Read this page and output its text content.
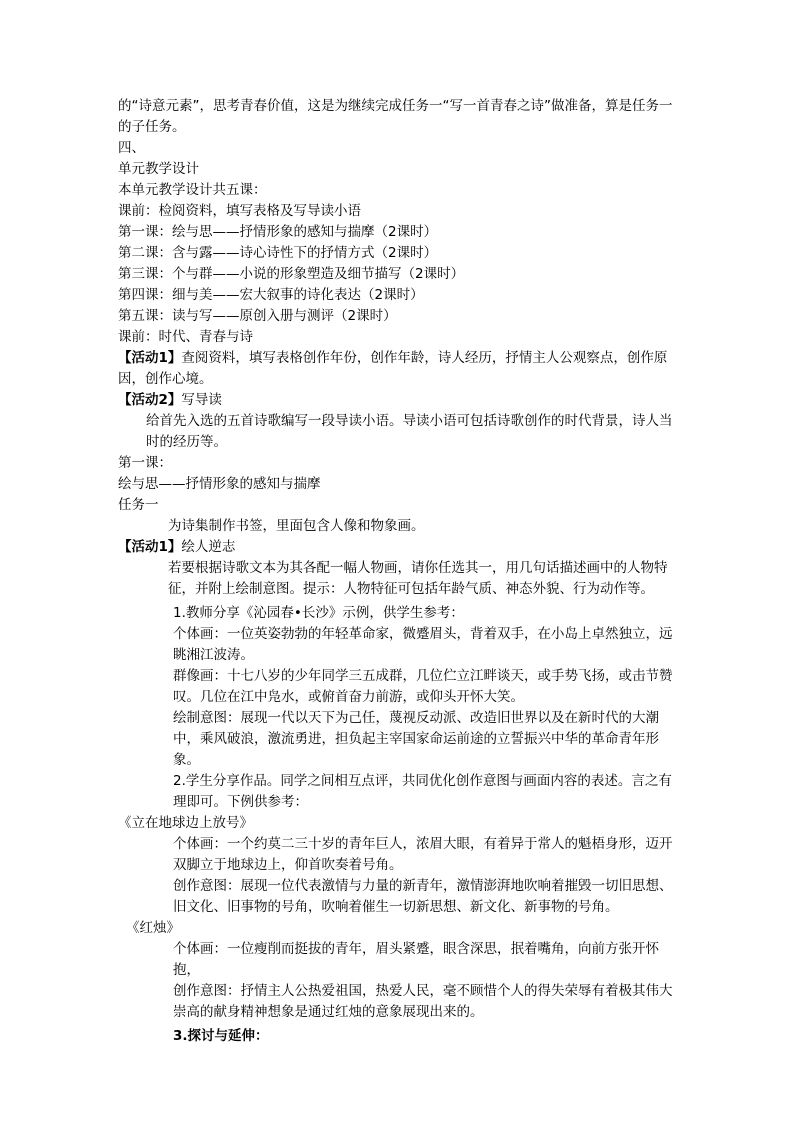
的“诗意元素”，思考青春价值，这是为继续完成任务一“写一首青春之诗”做准备，算是任务一的子任务。
四、
单元教学设计
本单元教学设计共五课：
课前：检阅资料，填写表格及写导读小语
第一课：绘与思——抒情形象的感知与揣摩（2课时）
第二课：含与露——诗心诗性下的抒情方式（2课时）
第三课：个与群——小说的形象塑造及细节描写（2课时）
第四课：细与美——宏大叙事的诗化表达（2课时）
第五课：读与写——原创入册与测评（2课时）
课前：时代、青春与诗
【活动1】查阅资料，填写表格创作年份，创作年龄，诗人经历，抒情主人公观察点，创作原因，创作心境。
【活动2】写导读
给首先入选的五首诗歌编写一段导读小语。导读小语可包括诗歌创作的时代背景，诗人当时的经历等。
第一课：
绘与思——抒情形象的感知与揣摩
任务一
为诗集制作书签，里面包含人像和物象画。
【活动1】绘人逆志
若要根据诗歌文本为其各配一幅人物画，请你任选其一，用几句话描述画中的人物特征，并附上绘制意图。提示：人物特征可包括年龄气质、神态外貌、行为动作等。
1.教师分享《沁园春•长沙》示例，供学生参考：
个体画：一位英姿勃勃的年轻革命家，微蹙眉头，背着双手，在小岛上卓然独立，远眺湘江波涛。
群像画：十七八岁的少年同学三五成群，几位伫立江畔谈天，或手势飞扬，或击节赞叹。几位在江中凫水，或俯首奋力前游，或仰头开怀大笑。
绘制意图：展现一代以天下为己任，蔑视反动派、改造旧世界以及在新时代的大潮中，乘风破浪，激流勇进，担负起主宰国家命运前途的立誓振兴中华的革命青年形象。
2.学生分享作品。同学之间相互点评，共同优化创作意图与画面内容的表述。言之有理即可。下例供参考：
《立在地球边上放号》
个体画：一个约莫二三十岁的青年巨人，浓眉大眼，有着异于常人的魁梧身形，迈开双脚立于地球边上，仰首吹奏着号角。
创作意图：展现一位代表激情与力量的新青年，激情澎湃地吹响着摧毁一切旧思想、旧文化、旧事物的号角，吹响着催生一切新思想、新文化、新事物的号角。
《红烛》
个体画：一位瘦削而挺拔的青年，眉头紧蹙，眼含深思，抿着嘴角，向前方张开怀抱，
创作意图：抒情主人公热爱祖国，热爱人民，毫不顾惜个人的得失荣辱有着极其伟大崇高的献身精神想象是通过红烛的意象展现出来的。
3.探讨与延伸：
